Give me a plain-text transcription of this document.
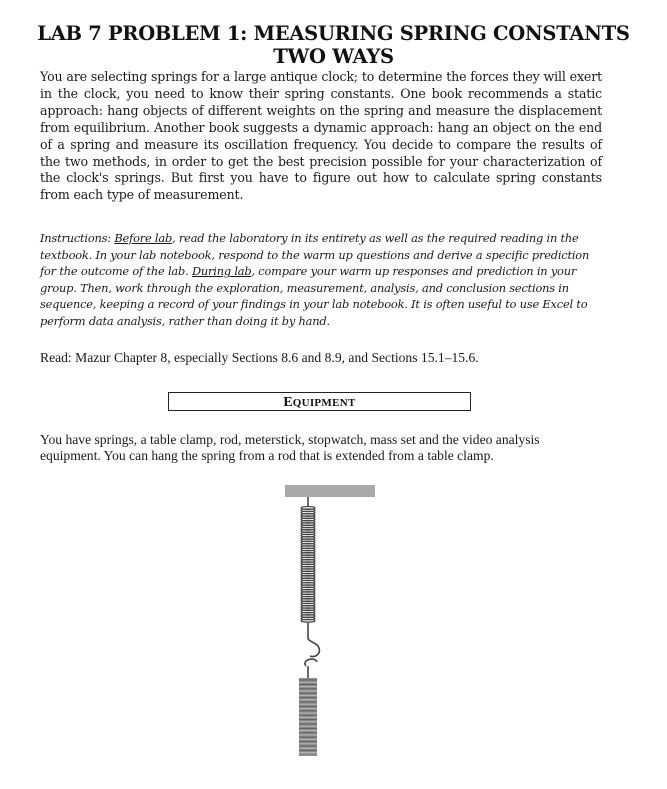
LAB 7 PROBLEM 1: MEASURING SPRING CONSTANTS
TWO WAYS

You are selecting springs for a large antique clock; to determine the forces they will exert in the clock, you need to know their spring constants. One book recommends a static approach: hang objects of different weights on the spring and measure the displacement from equilibrium. Another book suggests a dynamic approach: hang an object on the end of a spring and measure its oscillation frequency. You decide to compare the results of the two methods, in order to get the best precision possible for your characterization of the clock's springs. But first you have to figure out how to calculate spring constants from each type of measurement.

Instructions: Before lab, read the laboratory in its entirety as well as the required reading in the textbook. In your lab notebook, respond to the warm up questions and derive a specific prediction for the outcome of the lab. During lab, compare your warm up responses and prediction in your group. Then, work through the exploration, measurement, analysis, and conclusion sections in sequence, keeping a record of your findings in your lab notebook. It is often useful to use Excel to perform data analysis, rather than doing it by hand.

Read: Mazur Chapter 8, especially Sections 8.6 and 8.9, and Sections 15.1–15.6.

EQUIPMENT

You have springs, a table clamp, rod, meterstick, stopwatch, mass set and the video analysis equipment. You can hang the spring from a rod that is extended from a table clamp.
